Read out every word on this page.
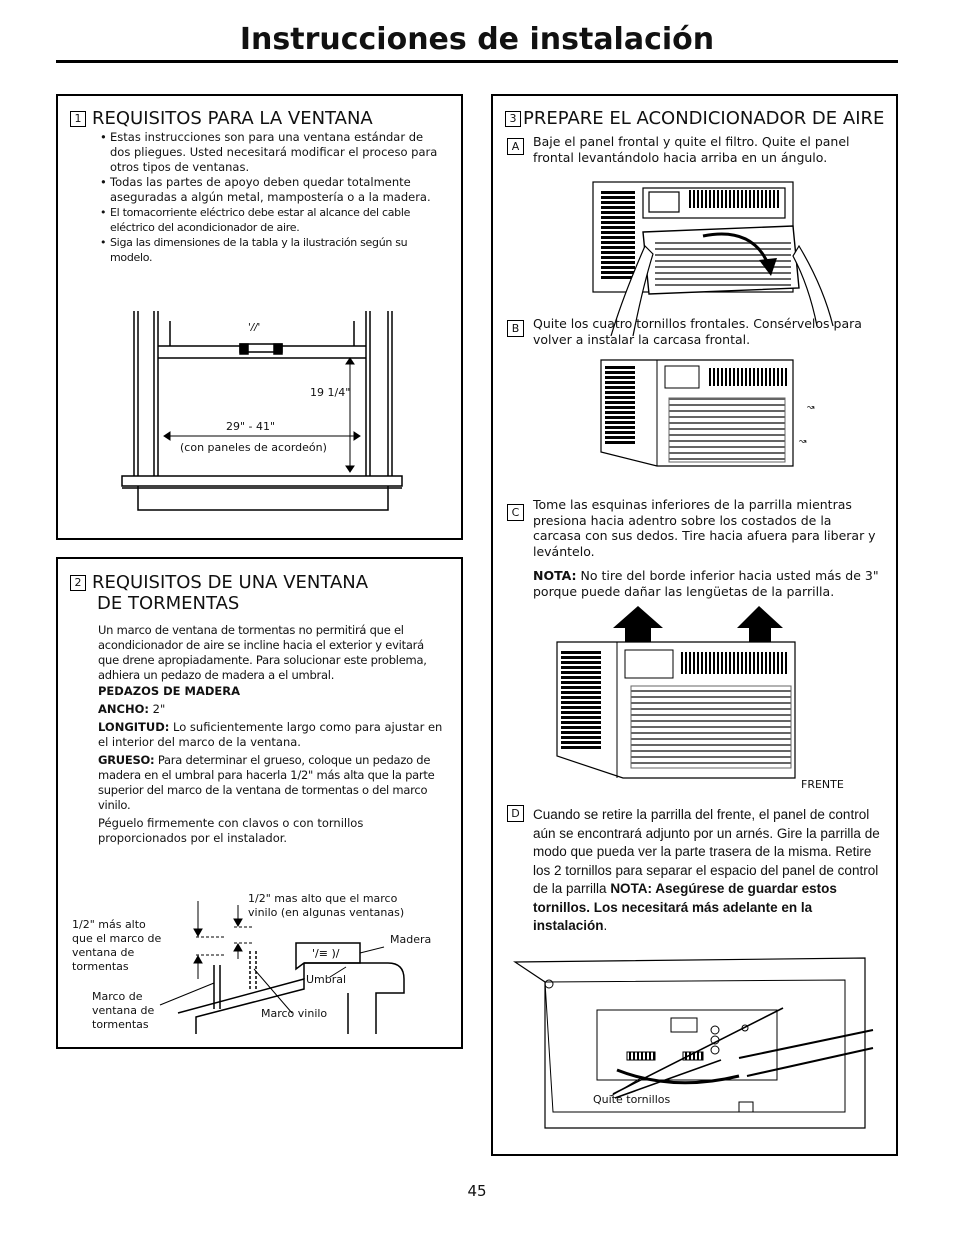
Instrucciones de instalación
1 REQUISITOS PARA LA VENTANA
• Estas instrucciones son para una ventana estándar de dos pliegues. Usted necesitará modificar el proceso para otros tipos de ventanas.
• Todas las partes de apoyo deben quedar totalmente aseguradas a algún metal, mampostería o a la madera.
• El tomacorriente eléctrico debe estar al alcance del cable eléctrico del acondicionador de aire.
• Siga las dimensiones de la tabla y la ilustración según su modelo.
'//'
19 1/4"
29" - 41"
(con paneles de acordeón)
2 REQUISITOS DE UNA VENTANA
DE TORMENTAS
Un marco de ventana de tormentas no permitirá que el acondicionador de aire se incline hacia el exterior y evitará que drene apropiadamente. Para solucionar este problema, adhiera un pedazo de madera a el umbral.
PEDAZOS DE MADERA
ANCHO: 2"
LONGITUD: Lo suficientemente largo como para ajustar en el interior del marco de la ventana.
GRUESO: Para determinar el grueso, coloque un pedazo de madera en el umbral para hacerla 1/2" más alta que la parte superior del marco de la ventana de tormentas o del marco vinilo.
Péguelo firmemente con clavos o con tornillos proporcionados por el instalador.
'/≡ )/
1/2" más alto que el marco de ventana de tormentas
1/2" mas alto que el marco vinilo (en algunas ventanas)
Madera
Umbral
Marco de ventana de tormentas
Marco vinilo
3 PREPARE EL ACONDICIONADOR DE AIRE
A	Baje el panel frontal y quite el filtro. Quite el panel frontal levantándolo hacia arriba en un ángulo.
B	Quite los cuatro tornillos frontales. Consérvelos para volver a instalar la carcasa frontal.
↝
↝
C
Tome las esquinas inferiores de la parrilla mientras presiona hacia adentro sobre los costados de la carcasa con sus dedos. Tire hacia afuera para liberar y levántelo.
NOTA: No tire del borde inferior hacia usted más de 3" porque puede dañar las lengüetas de la parrilla.
FRENTE
D Cuando se retire la parrilla del frente, el panel de control aún se encontrará adjunto por un arnés. Gire la parrilla de modo que pueda ver la parte trasera de la misma. Retire los 2 tornillos para separar el espacio del panel de control de la parrilla NOTA: Asegúrese de guardar estos tornillos. Los necesitará más adelante en la instalación.
Quite tornillos
45
